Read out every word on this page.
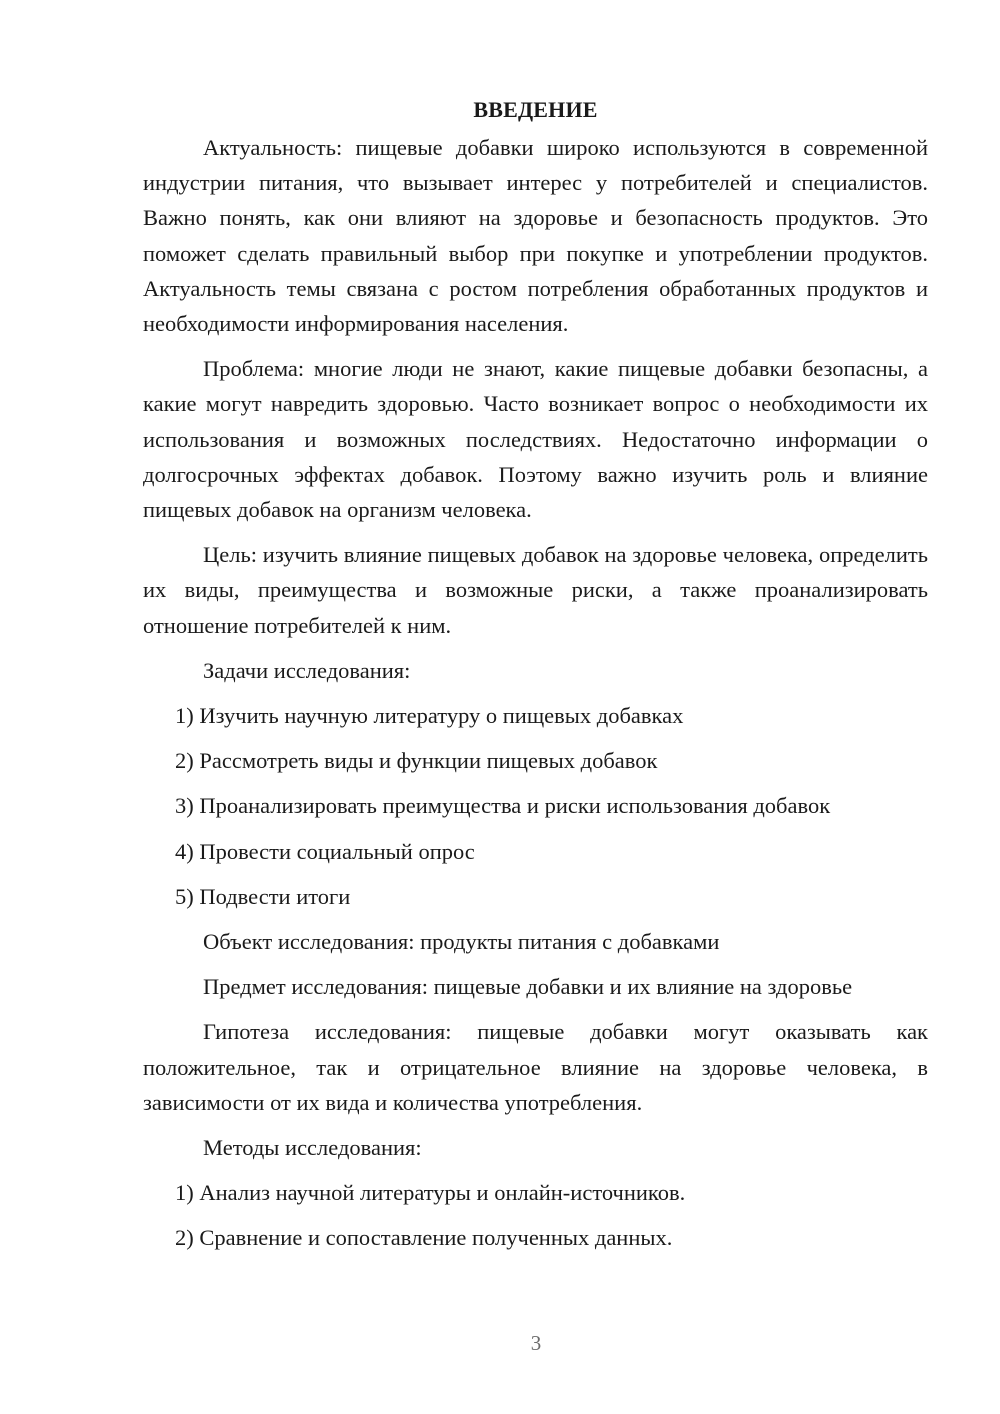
ВВЕДЕНИЕ

Актуальность: пищевые добавки широко используются в современной индустрии питания, что вызывает интерес у потребителей и специалистов. Важно понять, как они влияют на здоровье и безопасность продуктов. Это поможет сделать правильный выбор при покупке и употреблении продуктов. Актуальность темы связана с ростом потребления обработанных продуктов и необходимости информирования населения.

Проблема: многие люди не знают, какие пищевые добавки безопасны, а какие могут навредить здоровью. Часто возникает вопрос о необходимости их использования и возможных последствиях. Недостаточно информации о долгосрочных эффектах добавок. Поэтому важно изучить роль и влияние пищевых добавок на организм человека.

Цель: изучить влияние пищевых добавок на здоровье человека, определить их виды, преимущества и возможные риски, а также проанализировать отношение потребителей к ним.

Задачи исследования:
1) Изучить научную литературу о пищевых добавках
2) Рассмотреть виды и функции пищевых добавок
3) Проанализировать преимущества и риски использования добавок
4) Провести социальный опрос
5) Подвести итоги
Объект исследования: продукты питания с добавками
Предмет исследования: пищевые добавки и их влияние на здоровье

Гипотеза исследования: пищевые добавки могут оказывать как положительное, так и отрицательное влияние на здоровье человека, в зависимости от их вида и количества употребления.

Методы исследования:
1) Анализ научной литературы и онлайн-источников.
2) Сравнение и сопоставление полученных данных.
3
